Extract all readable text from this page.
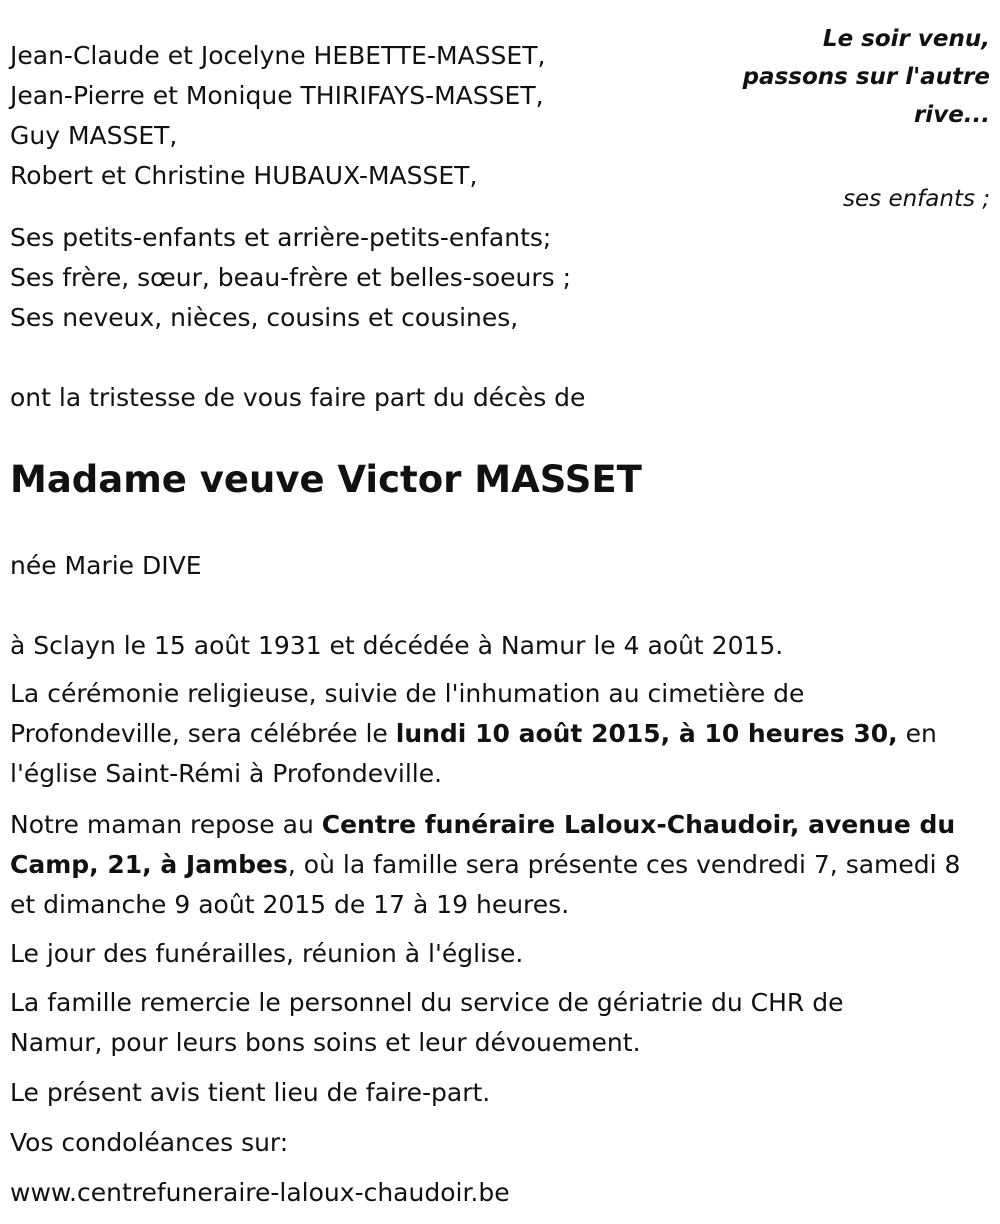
Jean-Claude et Jocelyne HEBETTE-MASSET,
Jean-Pierre et Monique THIRIFAYS-MASSET,
Guy MASSET,
Robert et Christine HUBAUX-MASSET,
Le soir venu,
passons sur l'autre
rive...
ses enfants ;
Ses petits-enfants et arrière-petits-enfants;
Ses frère, sœur, beau-frère et belles-soeurs ;
Ses neveux, nièces, cousins et cousines,
ont la tristesse de vous faire part du décès de
Madame veuve Victor MASSET
née Marie DIVE
à Sclayn le 15 août 1931 et décédée à Namur le 4 août 2015.
La cérémonie religieuse, suivie de l'inhumation au cimetière de
Profondeville, sera célébrée le lundi 10 août 2015, à 10 heures 30, en
l'église Saint-Rémi à Profondeville.
Notre maman repose au Centre funéraire Laloux-Chaudoir, avenue du
Camp, 21, à Jambes, où la famille sera présente ces vendredi 7, samedi 8
et dimanche 9 août 2015 de 17 à 19 heures.
Le jour des funérailles, réunion à l'église.
La famille remercie le personnel du service de gériatrie du CHR de
Namur, pour leurs bons soins et leur dévouement.
Le présent avis tient lieu de faire-part.
Vos condoléances sur:
www.centrefuneraire-laloux-chaudoir.be
